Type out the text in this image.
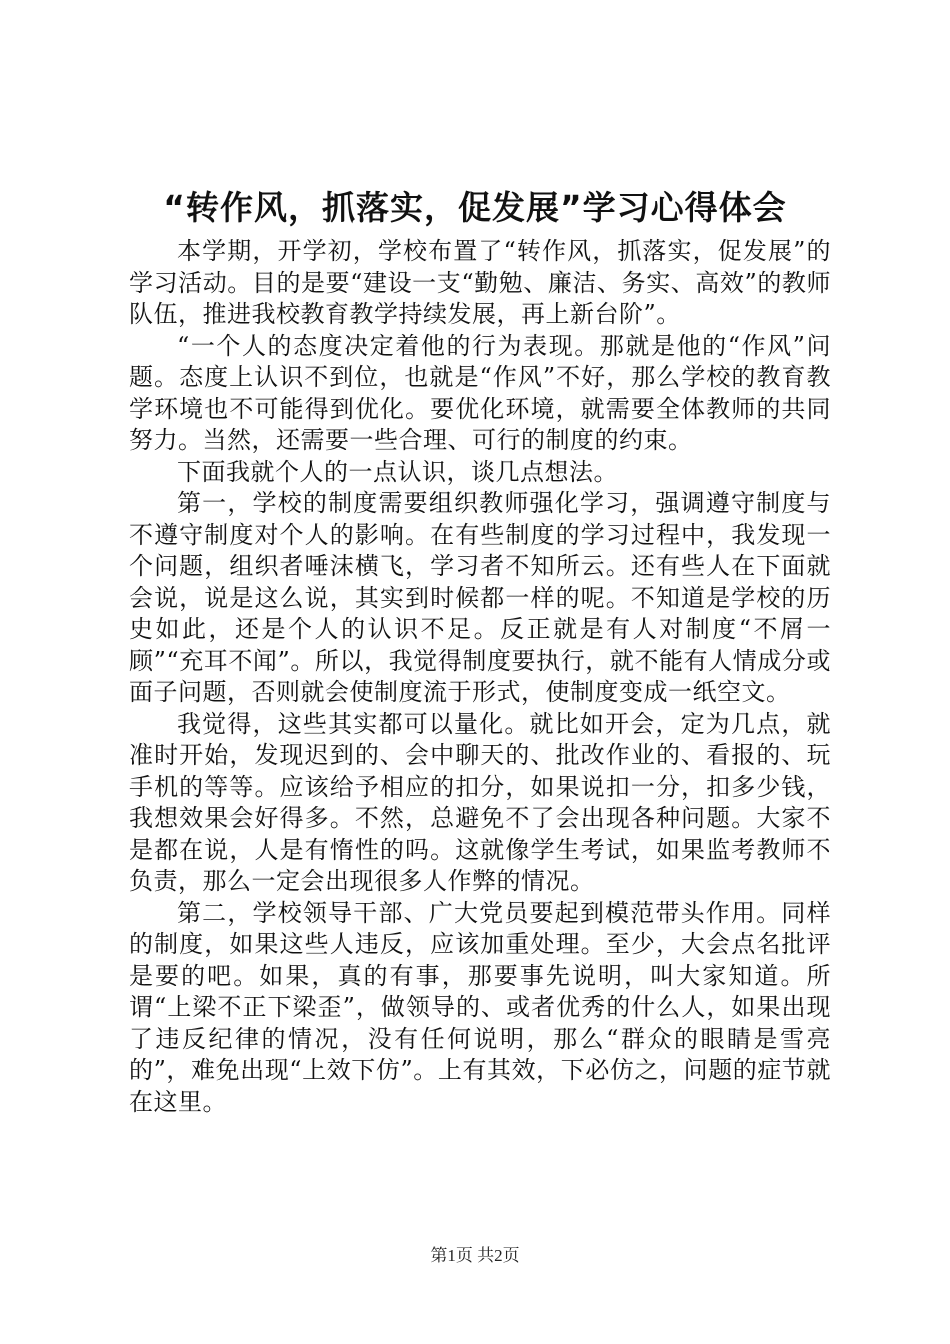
“转作风，抓落实，促发展”学习心得体会

本学期，开学初，学校布置了“转作风，抓落实，促发展”的学习活动。目的是要“建设一支“勤勉、廉洁、务实、高效”的教师队伍，推进我校教育教学持续发展，再上新台阶”。

“一个人的态度决定着他的行为表现。那就是他的“作风”问题。态度上认识不到位，也就是“作风”不好，那么学校的教育教学环境也不可能得到优化。要优化环境，就需要全体教师的共同努力。当然，还需要一些合理、可行的制度的约束。

下面我就个人的一点认识，谈几点想法。

第一，学校的制度需要组织教师强化学习，强调遵守制度与不遵守制度对个人的影响。在有些制度的学习过程中，我发现一个问题，组织者唾沫横飞，学习者不知所云。还有些人在下面就会说，说是这么说，其实到时候都一样的呢。不知道是学校的历史如此，还是个人的认识不足。反正就是有人对制度“不屑一顾”“充耳不闻”。所以，我觉得制度要执行，就不能有人情成分或面子问题，否则就会使制度流于形式，使制度变成一纸空文。

我觉得，这些其实都可以量化。就比如开会，定为几点，就准时开始，发现迟到的、会中聊天的、批改作业的、看报的、玩手机的等等。应该给予相应的扣分，如果说扣一分，扣多少钱，我想效果会好得多。不然，总避免不了会出现各种问题。大家不是都在说，人是有惰性的吗。这就像学生考试，如果监考教师不负责，那么一定会出现很多人作弊的情况。

第二，学校领导干部、广大党员要起到模范带头作用。同样的制度，如果这些人违反，应该加重处理。至少，大会点名批评是要的吧。如果，真的有事，那要事先说明，叫大家知道。所谓“上梁不正下梁歪”，做领导的、或者优秀的什么人，如果出现了违反纪律的情况，没有任何说明，那么“群众的眼睛是雪亮的”，难免出现“上效下仿”。上有其效，下必仿之，问题的症节就在这里。

第1页 共2页
